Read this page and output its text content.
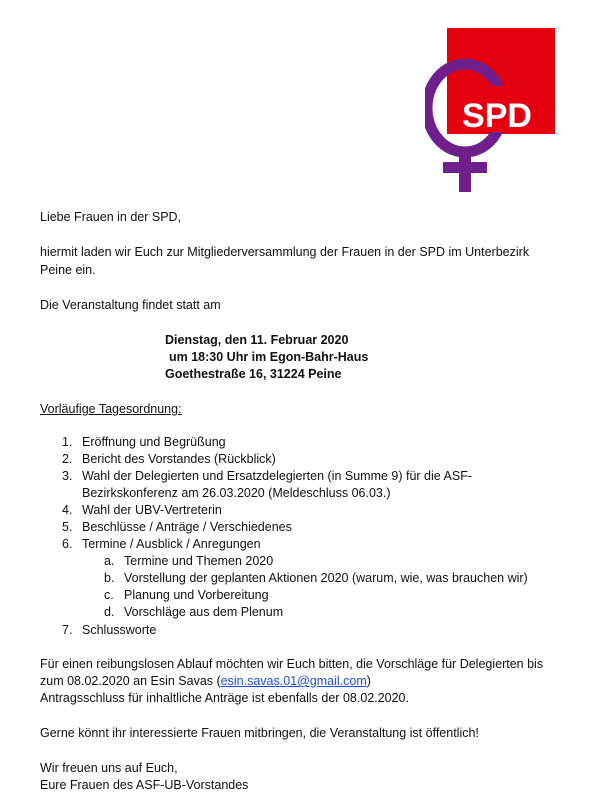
SPD
Liebe Frauen in der SPD,
hiermit laden wir Euch zur Mitgliederversammlung der Frauen in der SPD im Unterbezirk
Peine ein.
Die Veranstaltung findet statt am
Dienstag, den 11. Februar 2020
um 18:30 Uhr im Egon-Bahr-Haus
Goethestraße 16, 31224 Peine
Vorläufige Tagesordnung:
1. Eröffnung und Begrüßung
2. Bericht des Vorstandes (Rückblick)
3. Wahl der Delegierten und Ersatzdelegierten (in Summe 9) für die ASF-
Bezirkskonferenz am 26.03.2020 (Meldeschluss 06.03.)
4. Wahl der UBV-Vertreterin
5. Beschlüsse / Anträge / Verschiedenes
6. Termine / Ausblick / Anregungen
a. Termine und Themen 2020
b. Vorstellung der geplanten Aktionen 2020 (warum, wie, was brauchen wir)
c. Planung und Vorbereitung
d. Vorschläge aus dem Plenum
7. Schlussworte
Für einen reibungslosen Ablauf möchten wir Euch bitten, die Vorschläge für Delegierten bis
zum 08.02.2020 an Esin Savas (esin.savas.01@gmail.com)
Antragsschluss für inhaltliche Anträge ist ebenfalls der 08.02.2020.
Gerne könnt ihr interessierte Frauen mitbringen, die Veranstaltung ist öffentlich!
Wir freuen uns auf Euch,
Eure Frauen des ASF-UB-Vorstandes
